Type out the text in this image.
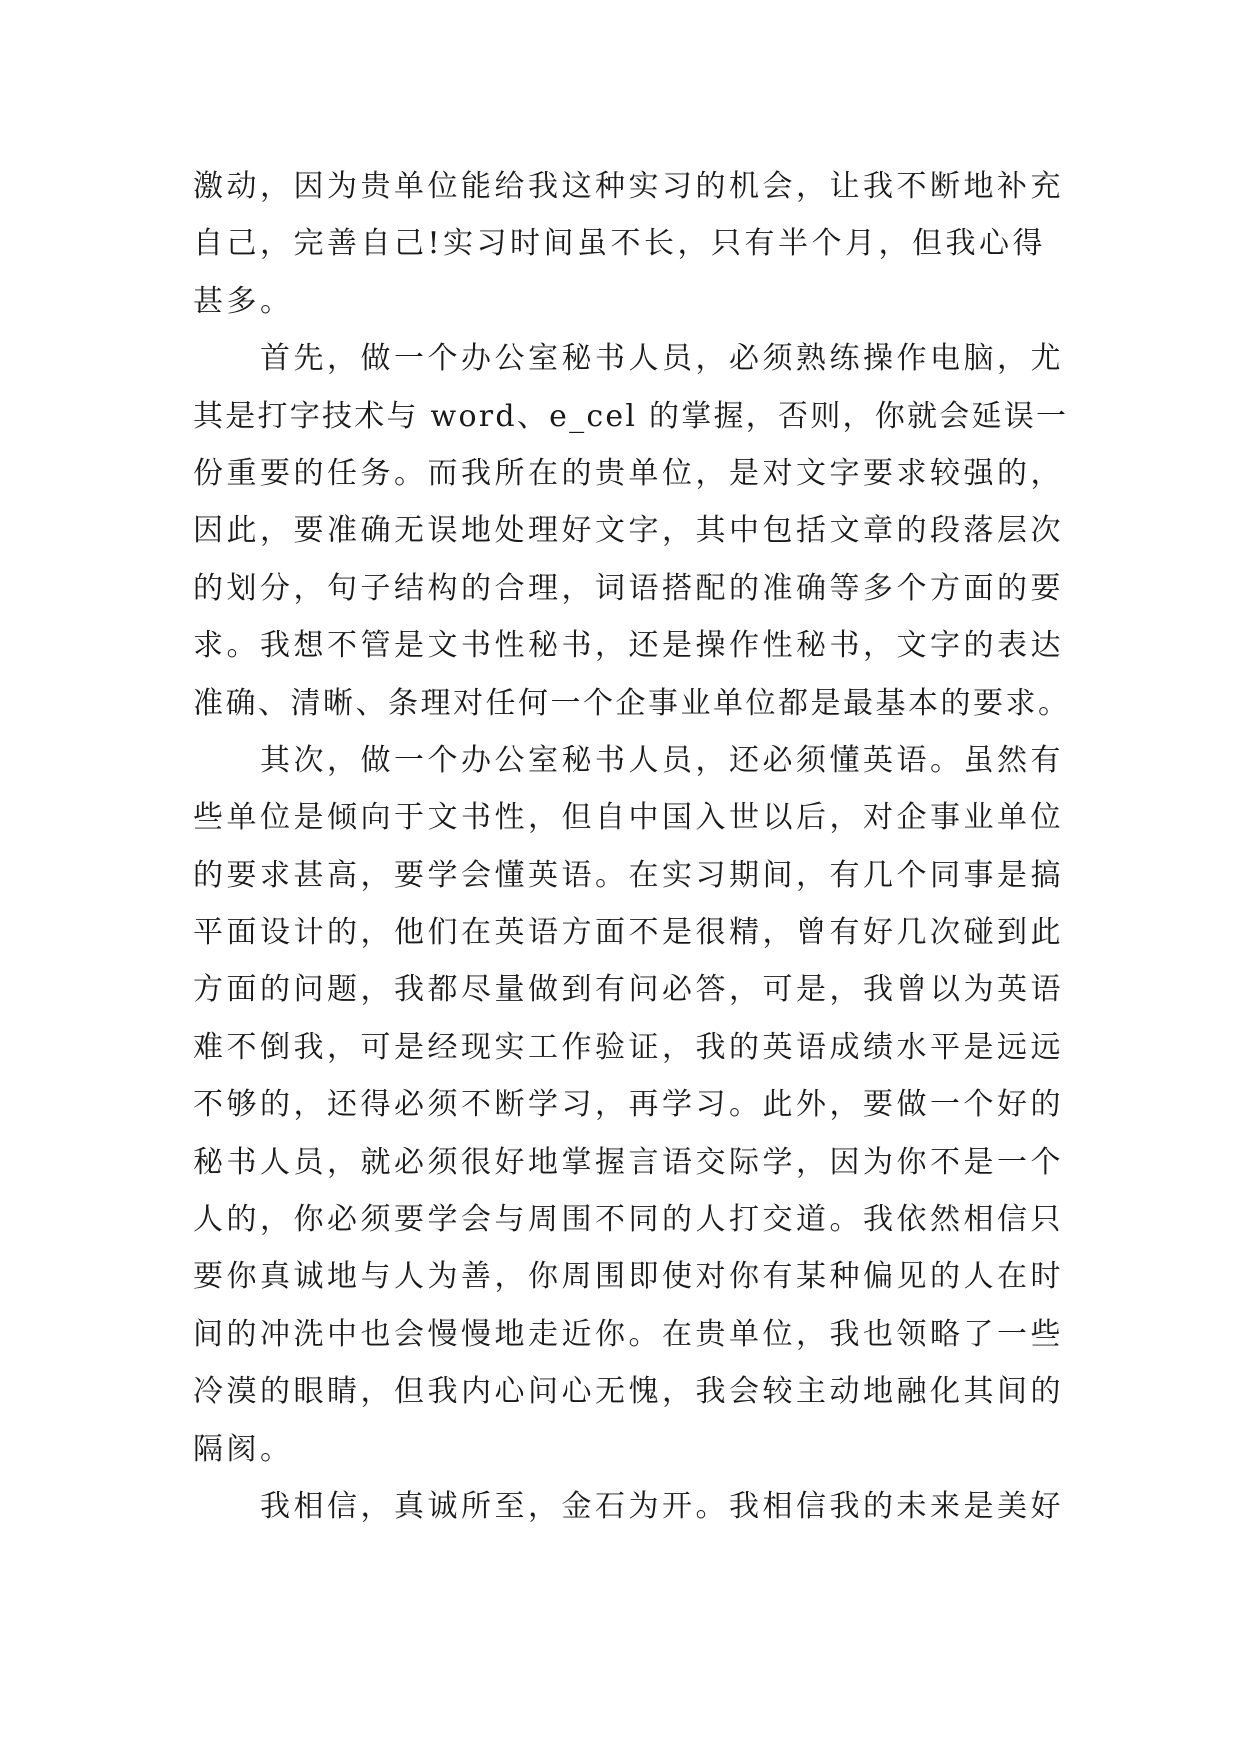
激动，因为贵单位能给我这种实习的机会，让我不断地补充
自己，完善自己!实习时间虽不长，只有半个月，但我心得
甚多。
　　首先，做一个办公室秘书人员，必须熟练操作电脑，尤
其是打字技术与 word、e_cel 的掌握，否则，你就会延误一
份重要的任务。而我所在的贵单位，是对文字要求较强的，
因此，要准确无误地处理好文字，其中包括文章的段落层次
的划分，句子结构的合理，词语搭配的准确等多个方面的要
求。我想不管是文书性秘书，还是操作性秘书，文字的表达
准确、清晰、条理对任何一个企事业单位都是最基本的要求。
　　其次，做一个办公室秘书人员，还必须懂英语。虽然有
些单位是倾向于文书性，但自中国入世以后，对企事业单位
的要求甚高，要学会懂英语。在实习期间，有几个同事是搞
平面设计的，他们在英语方面不是很精，曾有好几次碰到此
方面的问题，我都尽量做到有问必答，可是，我曾以为英语
难不倒我，可是经现实工作验证，我的英语成绩水平是远远
不够的，还得必须不断学习，再学习。此外，要做一个好的
秘书人员，就必须很好地掌握言语交际学，因为你不是一个
人的，你必须要学会与周围不同的人打交道。我依然相信只
要你真诚地与人为善，你周围即使对你有某种偏见的人在时
间的冲洗中也会慢慢地走近你。在贵单位，我也领略了一些
冷漠的眼睛，但我内心问心无愧，我会较主动地融化其间的
隔阂。
　　我相信，真诚所至，金石为开。我相信我的未来是美好
